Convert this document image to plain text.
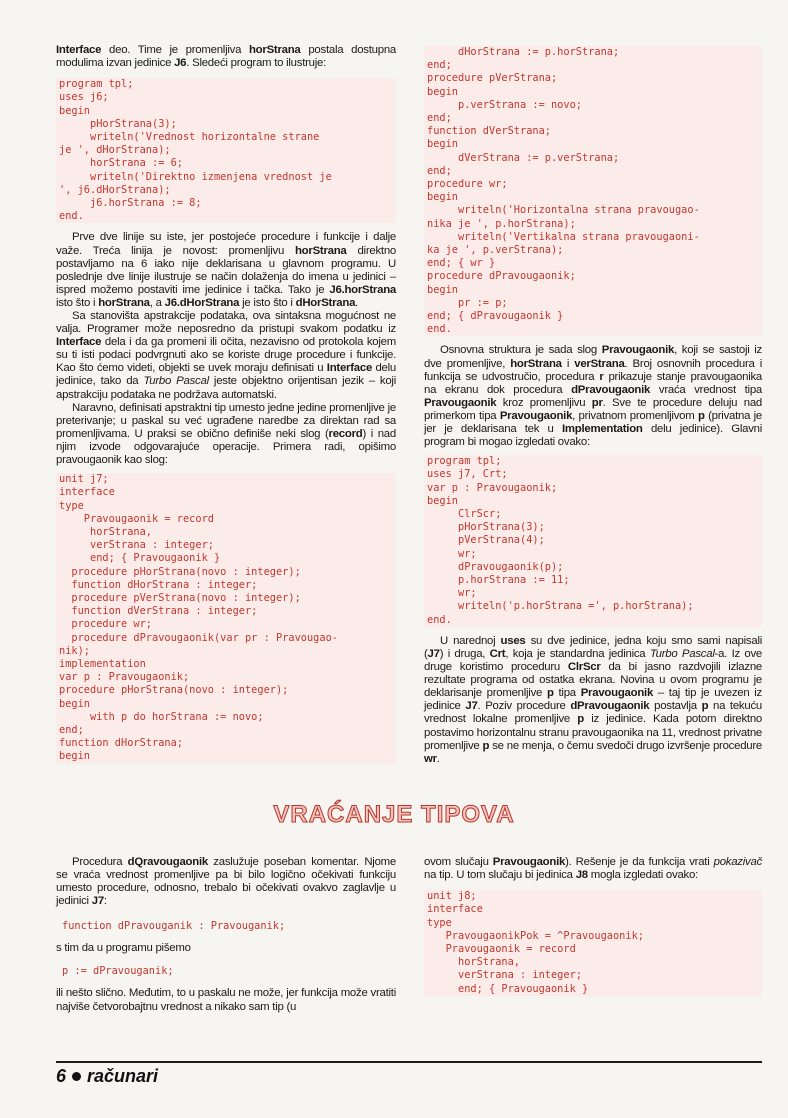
Interface deo. Time je promenljiva horStrana postala dostupna modulima izvan jedinice J6. Sledeći program to ilustruje:

program tpl;
uses j6;
begin
pHorStrana(3);
writeln('Vrednost horizontalne strane
je ', dHorStrana);
horStrana := 6;
writeln('Direktno izmenjena vrednost je
', j6.dHorStrana);
j6.horStrana := 8;
end.

Prve dve linije su iste, jer postojeće procedure i funkcije i dalje važe. Treća linija je novost: promenljivu horStrana direktno postavljamo na 6 iako nije deklarisana u glavnom programu. U poslednje dve linije ilustruje se način dolaženja do imena u jedinici – ispred možemo postaviti ime jedinice i tačka. Tako je J6.horStrana isto što i horStrana, a J6.dHorStrana je isto što i dHorStrana.

Sa stanovišta apstrakcije podataka, ova sintaksna mogućnost ne valja. Programer može neposredno da pristupi svakom podatku iz Interface dela i da ga promeni ili očita, nezavisno od protokola kojem su ti isti podaci podvrgnuti ako se koriste druge procedure i funkcije. Kao što ćemo videti, objekti se uvek moraju definisati u Interface delu jedinice, tako da Turbo Pascal jeste objektno orijentisan jezik – koji apstrakciju podataka ne podržava automatski.

Naravno, definisati apstraktni tip umesto jedne jedine promenljive je preterivanje; u paskal su već ugrađene naredbe za direktan rad sa promenljivama. U praksi se obično definiše neki slog (record) i nad njim izvode odgovarajuće operacije. Primera radi, opišimo pravougaonik kao slog:

unit j7;
interface
type
Pravougaonik = record
horStrana,
verStrana : integer;
end; { Pravougaonik }
procedure pHorStrana(novo : integer);
function dHorStrana : integer;
procedure pVerStrana(novo : integer);
function dVerStrana : integer;
procedure wr;
procedure dPravougaonik(var pr : Pravougao-
nik);
implementation
var p : Pravougaonik;
procedure pHorStrana(novo : integer);
begin
with p do horStrana := novo;
end;
function dHorStrana;
begin
dHorStrana := p.horStrana;
end;
procedure pVerStrana;
begin
p.verStrana := novo;
end;
function dVerStrana;
begin
dVerStrana := p.verStrana;
end;
procedure wr;
begin
writeln('Horizontalna strana pravougao-
nika je ', p.horStrana);
writeln('Vertikalna strana pravougaoni-
ka je ', p.verStrana);
end; { wr }
procedure dPravougaonik;
begin
pr := p;
end; { dPravougaonik }
end.

Osnovna struktura je sada slog Pravougaonik, koji se sastoji iz dve promenljive, horStrana i verStrana. Broj osnovnih procedura i funkcija se udvostručio, procedura r prikazuje stanje pravougaonika na ekranu dok procedura dPravougaonik vraća vrednost tipa Pravougaonik kroz promenljivu pr. Sve te procedure deluju nad primerkom tipa Pravougaonik, privatnom promenljivom p (privatna je jer je deklarisana tek u Implementation delu jedinice). Glavni program bi mogao izgledati ovako:

program tpl;
uses j7, Crt;
var p : Pravougaonik;
begin
ClrScr;
pHorStrana(3);
pVerStrana(4);
wr;
dPravougaonik(p);
p.horStrana := 11;
wr;
writeln('p.horStrana =', p.horStrana);
end.

U narednoj uses su dve jedinice, jedna koju smo sami napisali (J7) i druga, Crt, koja je standardna jedinica Turbo Pascal-a. Iz ove druge koristimo proceduru ClrScr da bi jasno razdvojili izlazne rezultate programa od ostatka ekrana. Novina u ovom programu je deklarisanje promenljive p tipa Pravougaonik – taj tip je uvezen iz jedinice J7. Poziv procedure dPravougaonik postavlja p na tekuću vrednost lokalne promenljive p iz jedinice. Kada potom direktno postavimo horizontalnu stranu pravougaonika na 11, vrednost privatne promenljive p se ne menja, o čemu svedoči drugo izvršenje procedure wr.

VRAĆANJE TIPOVA

Procedura dQravougaonik zaslužuje poseban komentar. Njome se vraća vrednost promenljive pa bi bilo logično očekivati funkciju umesto procedure, odnosno, trebalo bi očekivati ovakvo zaglavlje u jedinici J7:

function dPravouganik : Pravouganik;

s tim da u programu pišemo

p := dPravouganik;

ili nešto slično. Međutim, to u paskalu ne može, jer funkcija može vratiti najviše četvorobajtnu vrednost a nikako sam tip (u

ovom slučaju Pravougaonik). Rešenje je da funkcija vrati pokazivač na tip. U tom slučaju bi jedinica J8 mogla izgledati ovako:

unit j8;
interface
type
PravougaonikPok = ^Pravougaonik;
Pravougaonik = record
horStrana,
verStrana : integer;
end; { Pravougaonik }
6 računari
